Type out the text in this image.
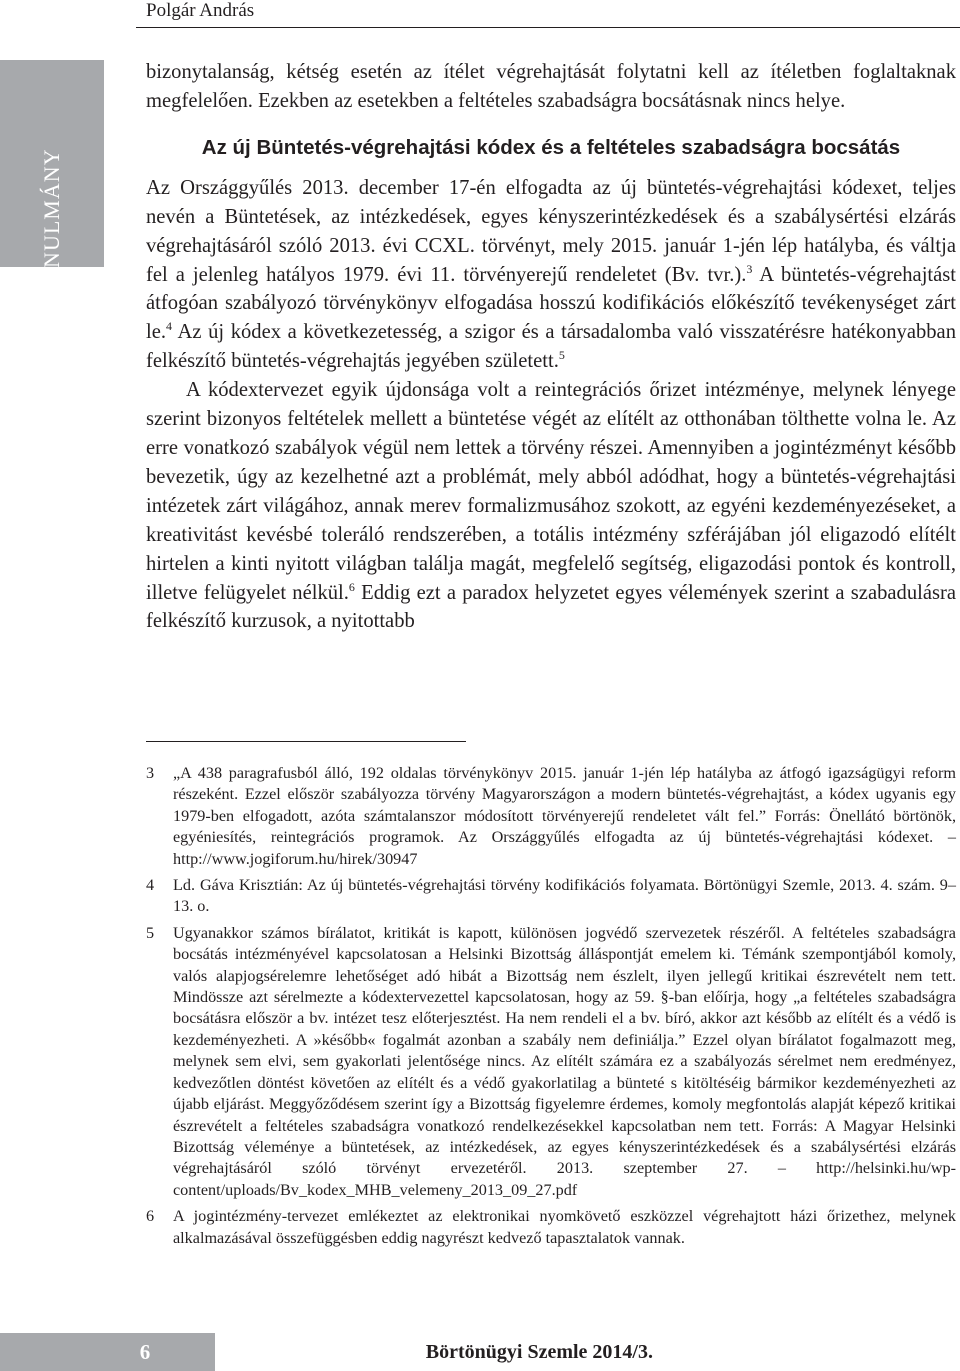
Polgár András
TANULMÁNY

bizonytalanság, kétség esetén az ítélet végrehajtását folytatni kell az ítéletben foglaltaknak megfelelően. Ezekben az esetekben a feltételes szabadságra bocsátásnak nincs helye.

Az új Büntetés-végrehajtási kódex és a feltételes szabadságra bocsátás

Az Országgyűlés 2013. december 17-én elfogadta az új büntetés-végrehajtási kódexet, teljes nevén a Büntetések, az intézkedések, egyes kényszerintézkedések és a szabálysértési elzárás végrehajtásáról szóló 2013. évi CCXL. törvényt, mely 2015. január 1-jén lép hatályba, és váltja fel a jelenleg hatályos 1979. évi 11. törvényerejű rendeletet (Bv. tvr.).$^3$ A büntetés-végrehajtást átfogóan szabályozó törvénykönyv elfogadása hosszú kodifikációs előkészítő tevékenységet zárt le.$^4$ Az új kódex a következetesség, a szigor és a társadalomba való visszatérésre hatékonyabban felkészítő büntetés-végrehajtás jegyében született.$^5$

A kódextervezet egyik újdonsága volt a reintegrációs őrizet intézménye, melynek lényege szerint bizonyos feltételek mellett a büntetése végét az elítélt az otthonában tölthette volna le. Az erre vonatkozó szabályok végül nem lettek a törvény részei. Amennyiben a jogintézményt később bevezetik, úgy az kezelhetné azt a problémát, mely abból adódhat, hogy a büntetés-végrehajtási intézetek zárt világához, annak merev formalizmusához szokott, az egyéni kezdeményezéseket, a kreativitást kevésbé toleráló rendszerében, a totális intézmény szférájában jól eligazodó elítélt hirtelen a kinti nyitott világban találja magát, megfelelő segítség, eligazodási pontok és kontroll, illetve felügyelet nélkül.$^6$ Eddig ezt a paradox helyzetet egyes vélemények szerint a szabadulásra felkészítő kurzusok, a nyitottabb

3 „A 438 paragrafusból álló, 192 oldalas törvénykönyv 2015. január 1-jén lép hatályba az átfogó igazságügyi reform részeként. Ezzel először szabályozza törvény Magyarországon a modern büntetés-végrehajtást, a kódex ugyanis egy 1979-ben elfogadott, azóta számtalanszor módosított törvényerejű rendeletet vált fel.” Forrás: Önellátó börtönök, egyéniesítés, reintegrációs programok. Az Országgyűlés elfogadta az új büntetés-végrehajtási kódexet. – http://www.jogiforum.hu/hirek/30947
4 Ld. Gáva Krisztián: Az új büntetés-végrehajtási törvény kodifikációs folyamata. Börtönügyi Szemle, 2013. 4. szám. 9–13. o.
5 Ugyanakkor számos bírálatot, kritikát is kapott, különösen jogvédő szervezetek részéről. A feltételes szabadságra bocsátás intézményével kapcsolatosan a Helsinki Bizottság álláspontját emelem ki. Témánk szempontjából komoly, valós alapjogsérelemre lehetőséget adó hibát a Bizottság nem észlelt, ilyen jellegű kritikai észrevételt nem tett. Mindössze azt sérelmezte a kódextervezettel kapcsolatosan, hogy az 59. §-ban előírja, hogy „a feltételes szabadságra bocsátásra először a bv. intézet tesz előterjesztést. Ha nem rendeli el a bv. bíró, akkor azt később az elítélt és a védő is kezdeményezheti. A »később« fogalmát azonban a szabály nem definiálja.” Ezzel olyan bírálatot fogalmazott meg, melynek sem elvi, sem gyakorlati jelentősége nincs. Az elítélt számára ez a szabályozás sérelmet nem eredményez, kedvezőtlen döntést követően az elítélt és a védő gyakorlatilag a bünteté s kitöltéséig bármikor kezdeményezheti az újabb eljárást. Meggyőződésem szerint így a Bizottság figyelemre érdemes, komoly megfontolás alapját képező kritikai észrevételt a feltételes szabadságra vonatkozó rendelkezésekkel kapcsolatban nem tett. Forrás: A Magyar Helsinki Bizottság véleménye a büntetések, az intézkedések, az egyes kényszerintézkedések és a szabálysértési elzárás végrehajtásáról szóló törvényt ervezetéről. 2013. szeptember 27. – http://helsinki.hu/wp-content/uploads/Bv_kodex_MHB_velemeny_2013_09_27.pdf
6 A jogintézmény-tervezet emlékeztet az elektronikai nyomkövető eszközzel végrehajtott házi őrizethez, melynek alkalmazásával összefüggésben eddig nagyrészt kedvező tapasztalatok vannak.
6	Börtönügyi Szemle 2014/3.
